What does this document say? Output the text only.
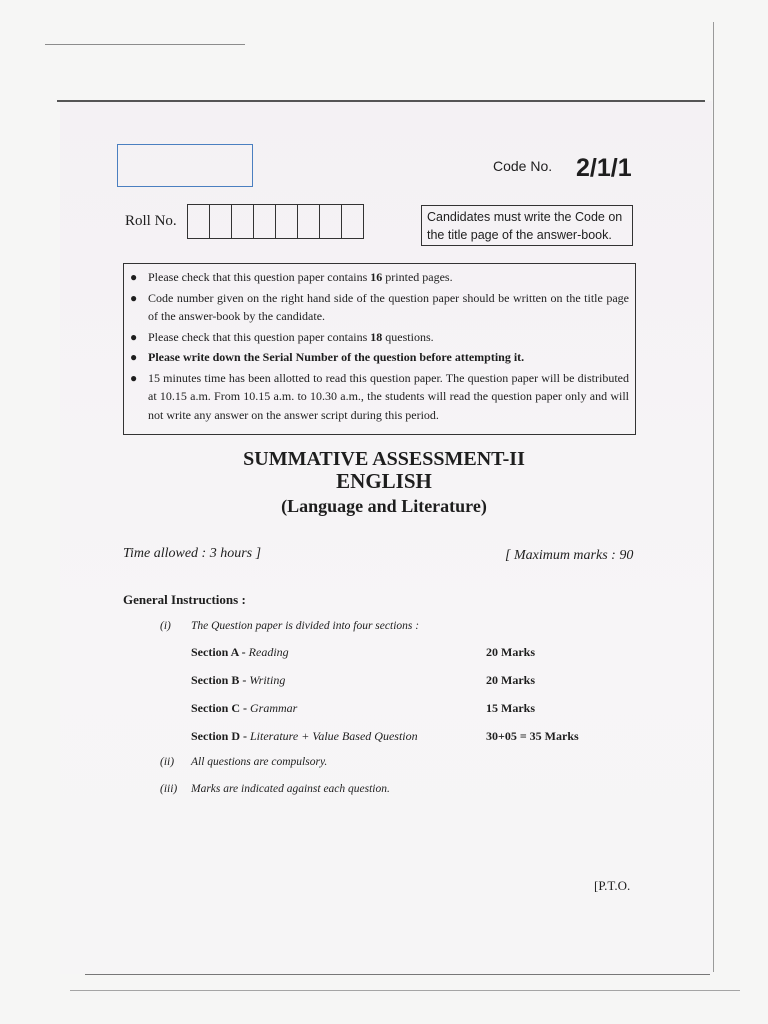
Code No. 2/1/1
Roll No.	Candidates must write the Code on the title page of the answer-book.
● Please check that this question paper contains 16 printed pages.
● Code number given on the right hand side of the question paper should be written on the title page of the answer-book by the candidate.
● Please check that this question paper contains 18 questions.
● Please write down the Serial Number of the question before attempting it.
● 15 minutes time has been allotted to read this question paper. The question paper will be distributed at 10.15 a.m. From 10.15 a.m. to 10.30 a.m., the students will read the question paper only and will not write any answer on the answer script during this period.
SUMMATIVE ASSESSMENT-II
ENGLISH
(Language and Literature)
Time allowed : 3 hours ]	[ Maximum marks : 90
General Instructions :
(i) The Question paper is divided into four sections :
Section A - Reading	20 Marks
Section B - Writing	20 Marks
Section C - Grammar	15 Marks
Section D - Literature + Value Based Question	30+05 = 35 Marks
(ii) All questions are compulsory.
(iii) Marks are indicated against each question.
[P.T.O.
